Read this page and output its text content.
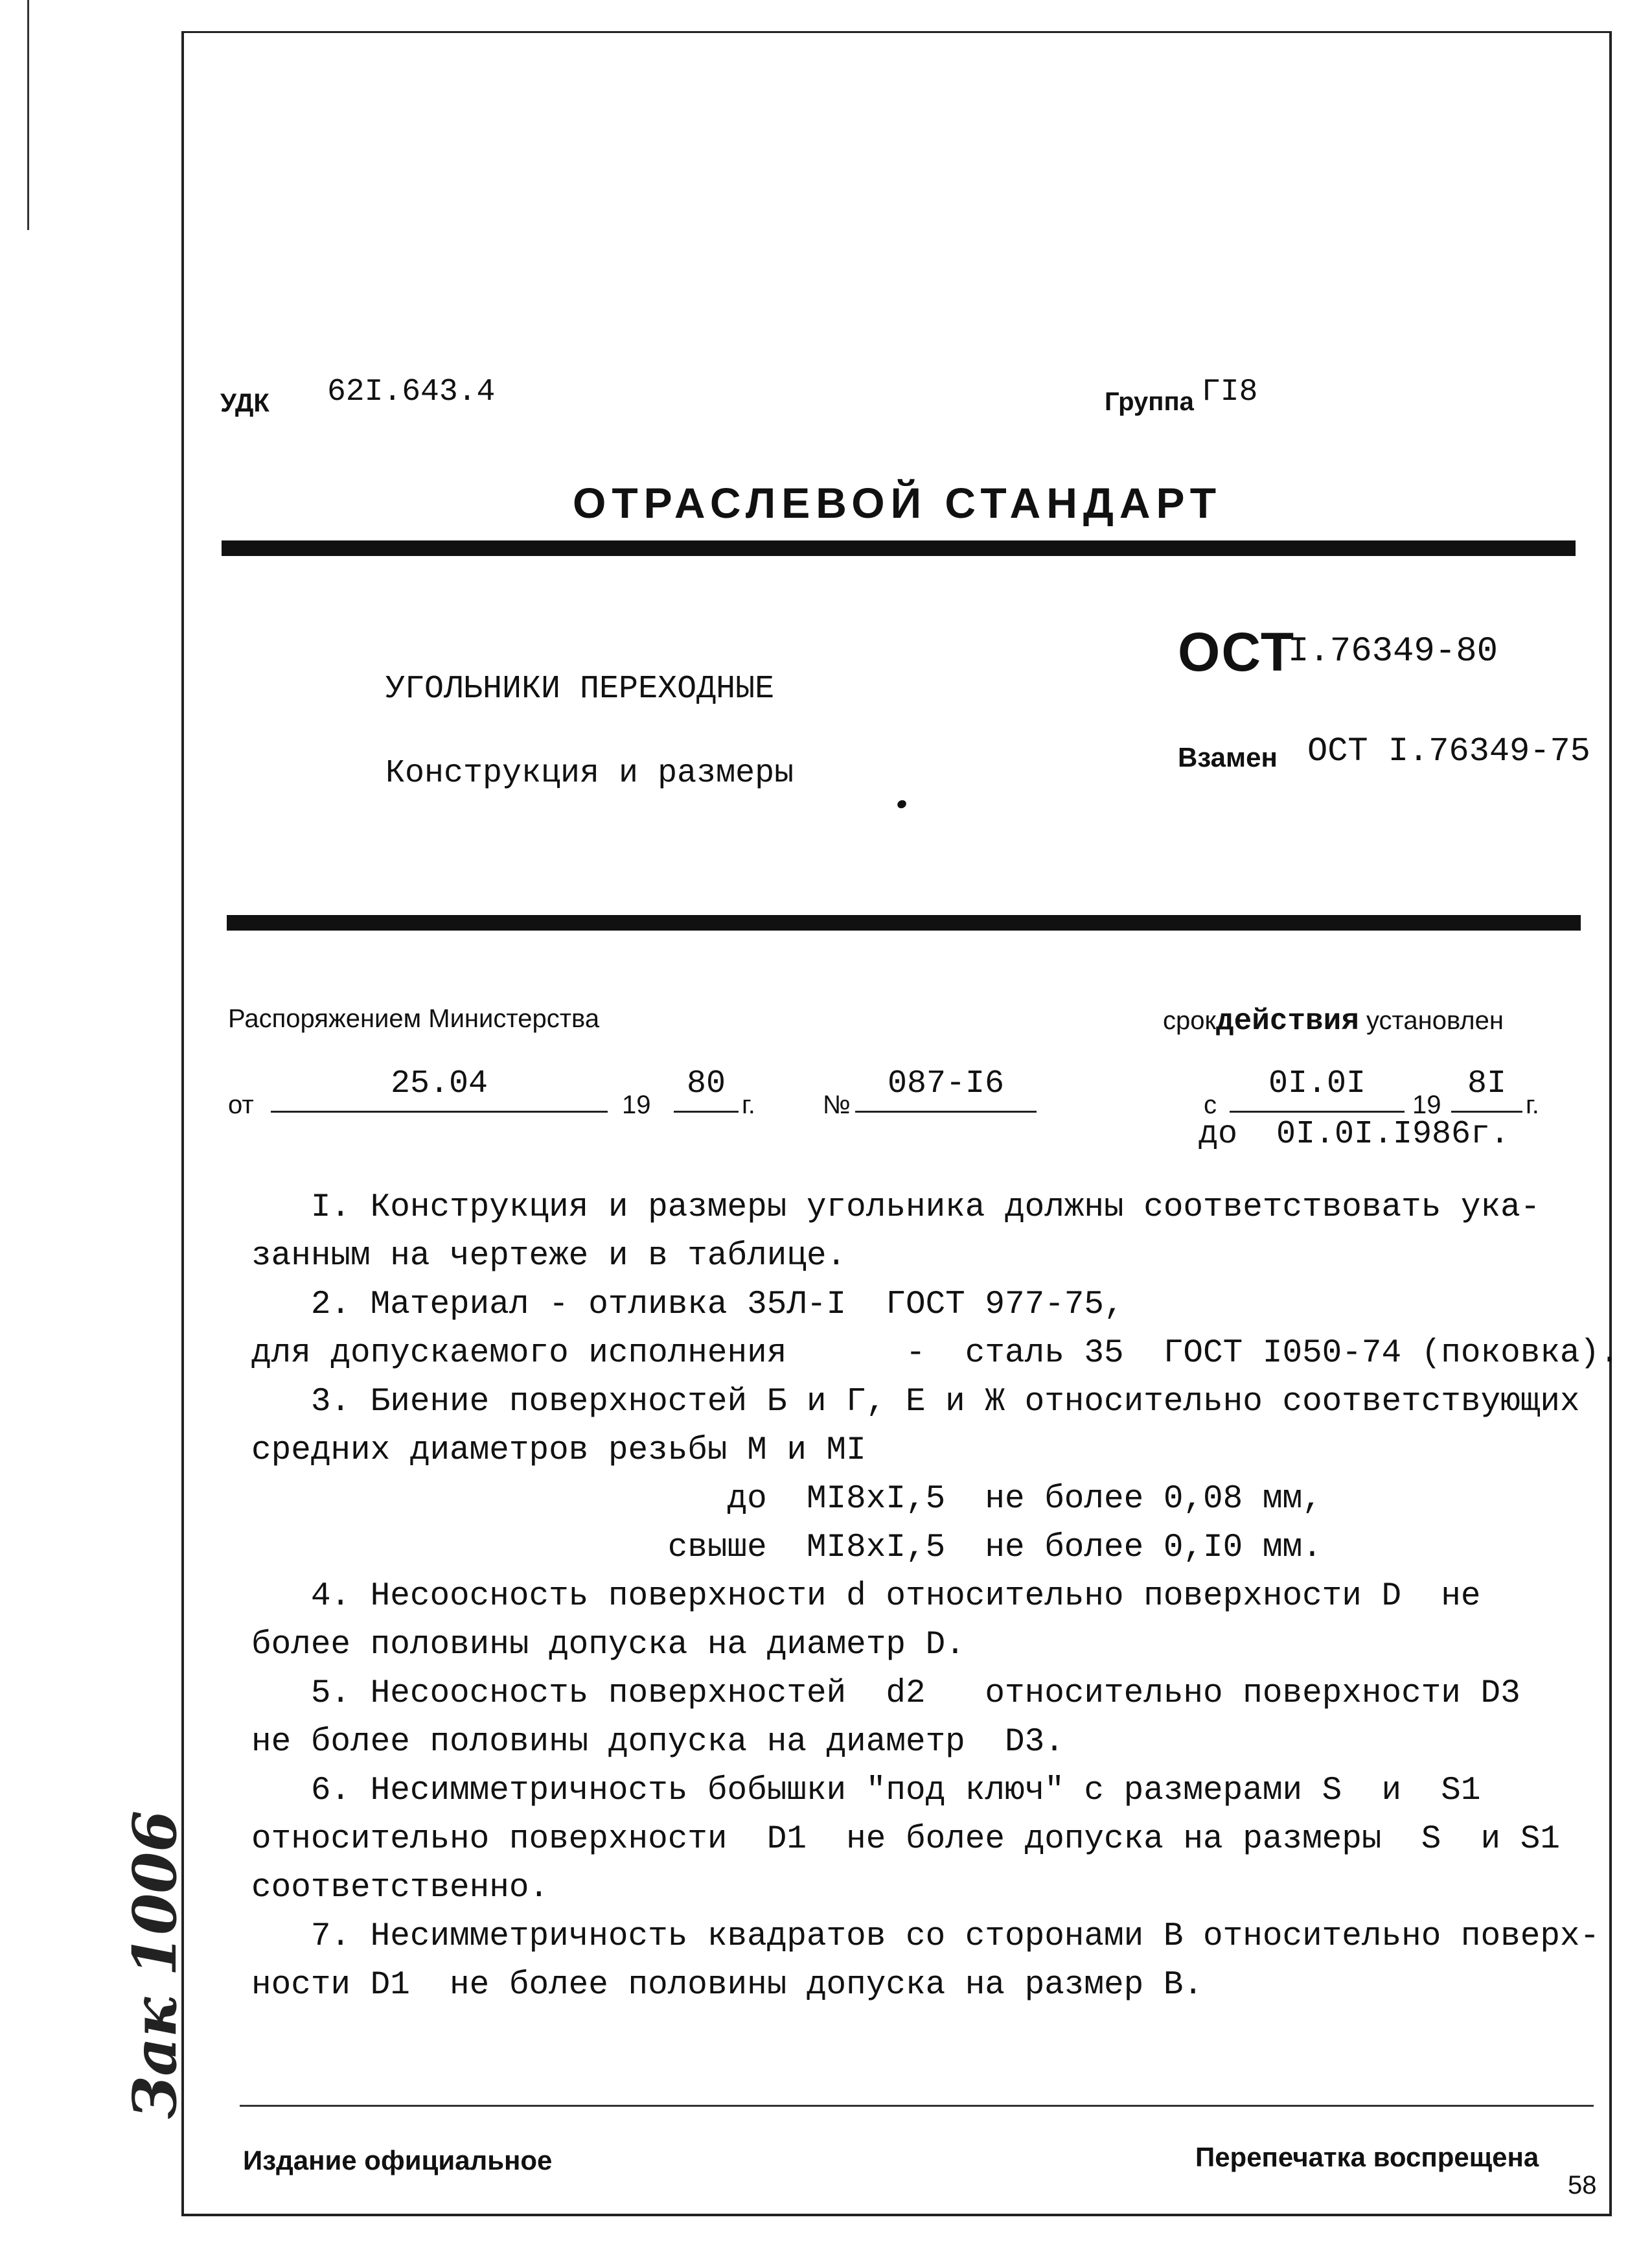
УДК 62I.643.4	Группа ГI8
ОТРАСЛЕВОЙ СТАНДАРТ
УГОЛЬНИКИ ПЕРЕХОДНЫЕ
Конструкция и размеры
ОСТ
I.76349-80
Взамен ОСТ I.76349-75
Распоряжением Министерства
от
25.04
19
80
г.	№
087-I6
срокдействия установлен
с
0I.0I
19
8I
г.
до 0I.0I.I986г.
I. Конструкция и размеры угольника должны соответствовать ука-
занным на чертеже и в таблице.
2. Материал - отливка 35Л-I  ГОСТ 977-75,
для допускаемого исполнения      -  сталь 35  ГОСТ I050-74 (поковка).
3. Биение поверхностей Б и Г, Е и Ж относительно соответствующих
средних диаметров резьбы М и МI
до  МI8хI,5  не более 0,08 мм,
свыше  МI8хI,5  не более 0,I0 мм.
4. Несоосность поверхности d относительно поверхности D  не
более половины допуска на диаметр D.
5. Несоосность поверхностей  d2   относительно поверхности D3
не более половины допуска на диаметр  D3.
6. Несимметричность бобышки "под ключ" с размерами S  и  S1
относительно поверхности  D1  не более допуска на размеры  S  и S1
соответственно.
7. Несимметричность квадратов со сторонами В относительно поверх-
ности D1  не более половины допуска на размер В.
Зак 1006
Издание официальное	Перепечатка воспрещена
58
